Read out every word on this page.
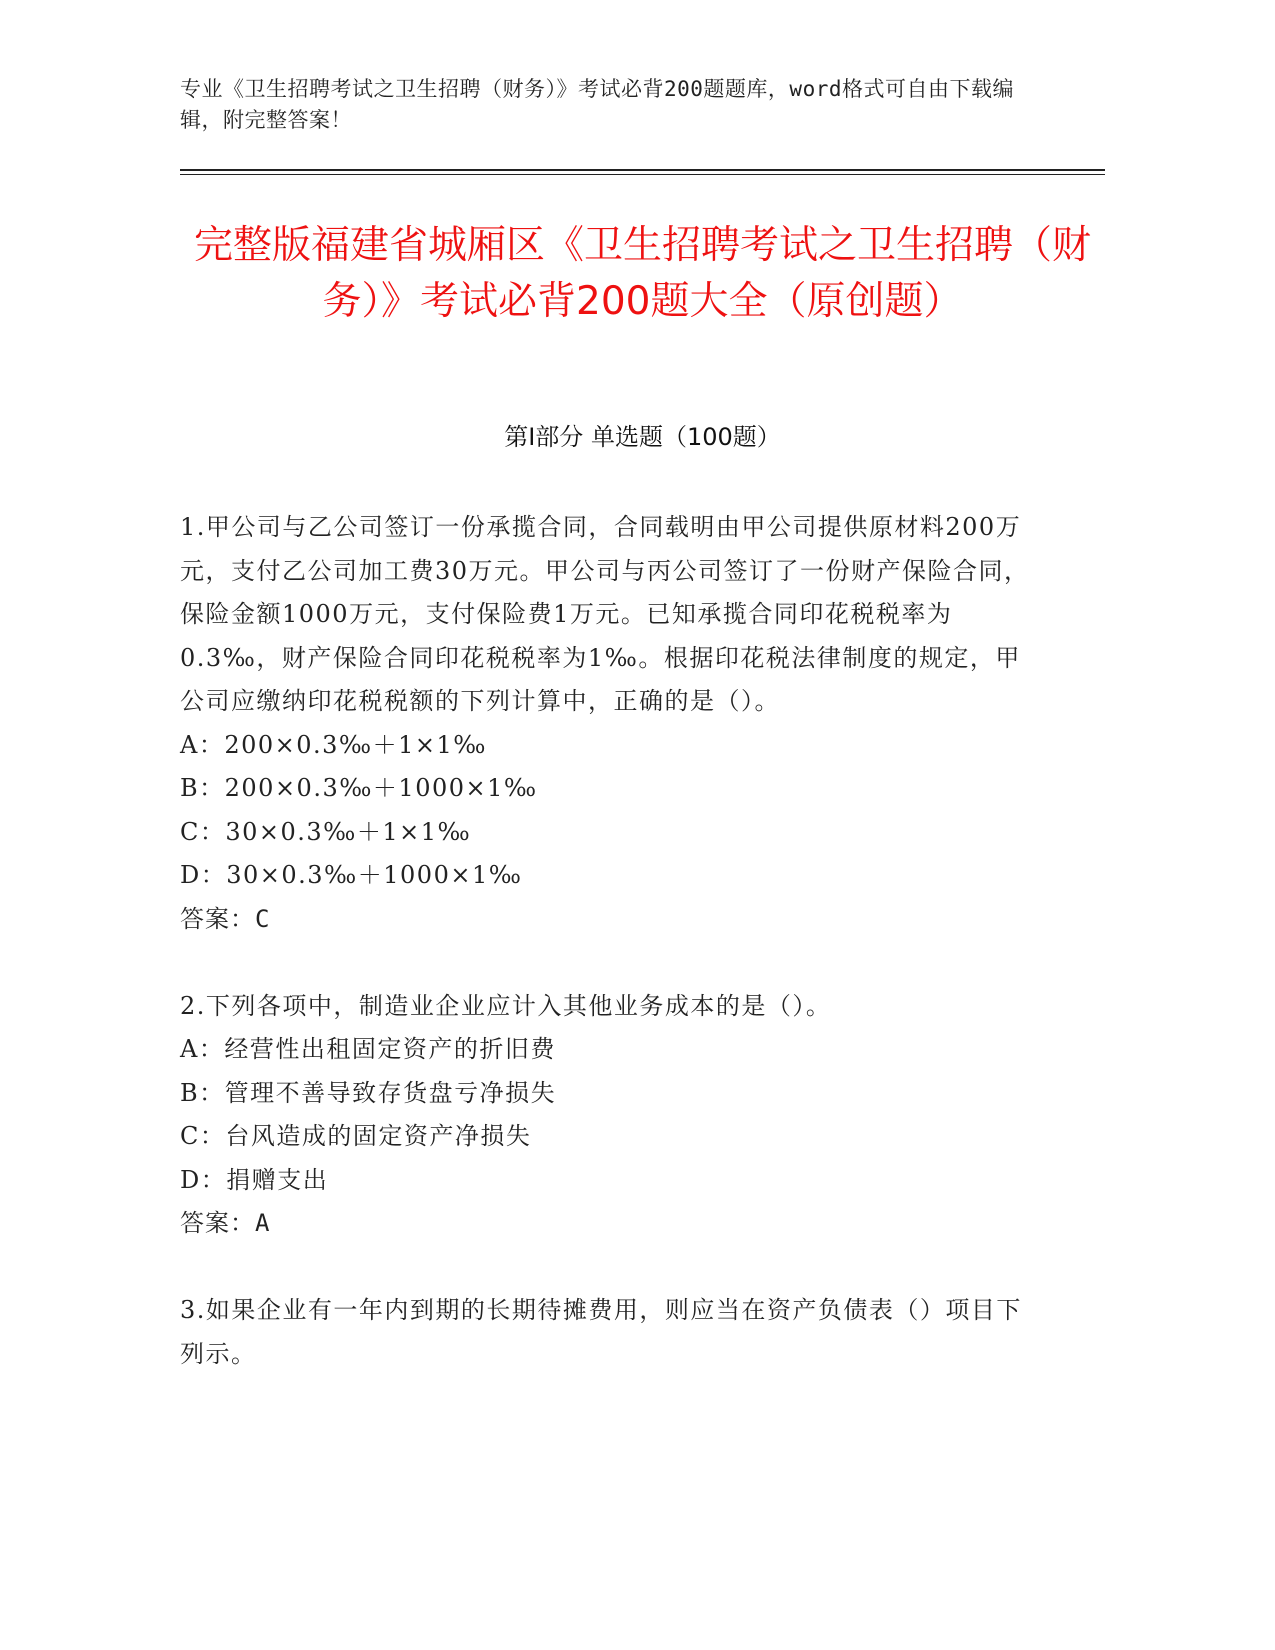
专业《卫生招聘考试之卫生招聘（财务）》考试必背200题题库，word格式可自由下载编辑，附完整答案！
完整版福建省城厢区《卫生招聘考试之卫生招聘（财务）》考试必背200题大全（原创题）
第Ⅰ部分 单选题（100题）

1.甲公司与乙公司签订一份承揽合同，合同载明由甲公司提供原材料200万元，支付乙公司加工费30万元。甲公司与丙公司签订了一份财产保险合同，保险金额1000万元，支付保险费1万元。已知承揽合同印花税税率为0.3‰，财产保险合同印花税税率为1‰。根据印花税法律制度的规定，甲公司应缴纳印花税税额的下列计算中，正确的是（）。

A：200×0.3‰＋1×1‰

B：200×0.3‰＋1000×1‰

C：30×0.3‰＋1×1‰

D：30×0.3‰＋1000×1‰

答案：C

2.下列各项中，制造业企业应计入其他业务成本的是（）。

A：经营性出租固定资产的折旧费

B：管理不善导致存货盘亏净损失

C：台风造成的固定资产净损失

D：捐赠支出

答案：A

3.如果企业有一年内到期的长期待摊费用，则应当在资产负债表（）项目下列示。
